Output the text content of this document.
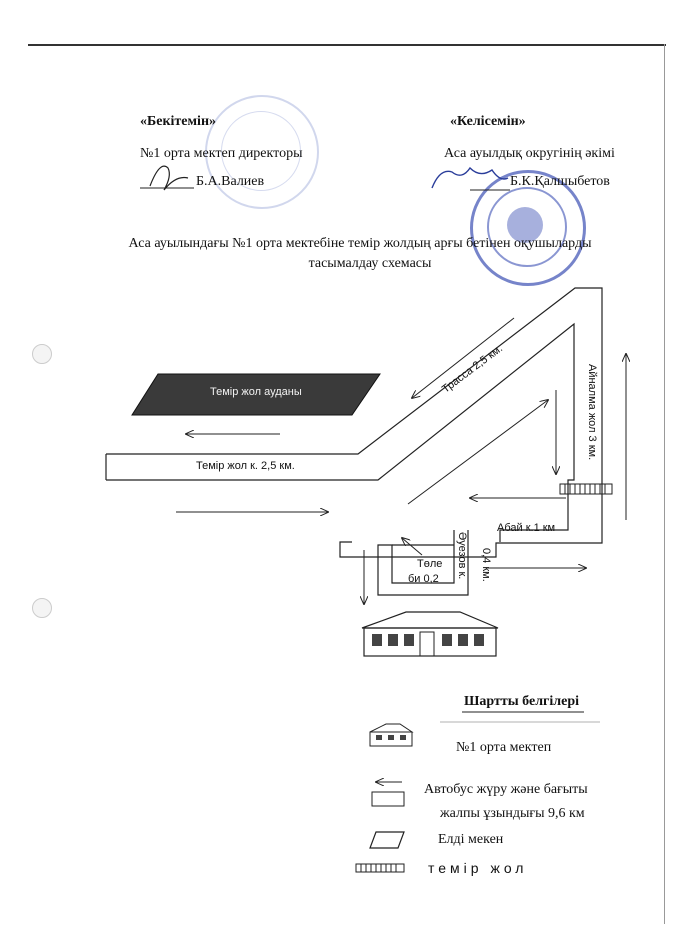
«Бекітемін»
№1 орта мектеп директоры
Б.А.Валиев
«Келісемін»
Аса ауылдық округінің әкімі
Б.К.Қалшыбетов
Аса ауылындағы №1 орта мектебіне темір жолдың арғы бетінен оқушыларды
тасымалдау схемасы
Темір жол ауданы
Темір жол к. 2,5 км.
Трасса 2,5 км.	Айналма жол 3 км.
Абай к.1 км
Әуезов к. 0,4 км.
Төле
би 0,2
Шартты белгілері
№1 орта мектеп
Автобус жүру және бағыты
жалпы ұзындығы 9,6 км
Елді мекен
темір жол
